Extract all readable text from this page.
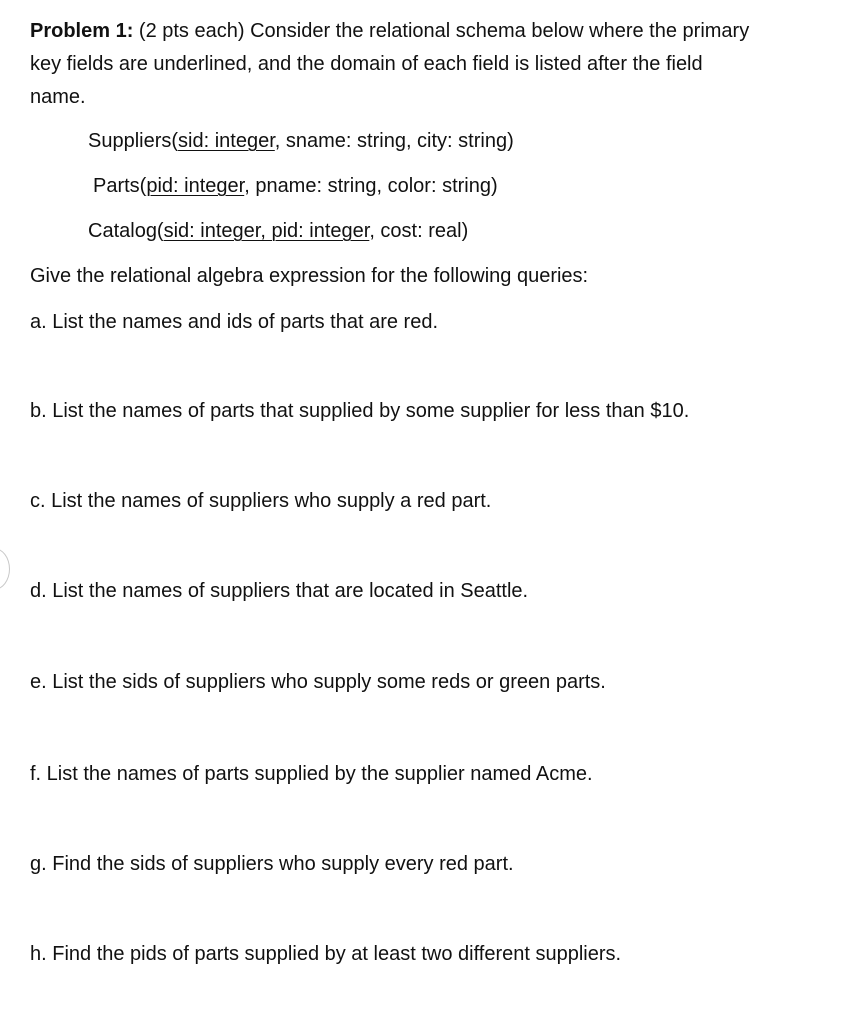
Problem 1: (2 pts each) Consider the relational schema below where the primary
key fields are underlined, and the domain of each field is listed after the field
name.
Suppliers(sid: integer, sname: string, city: string)
Parts(pid: integer, pname: string, color: string)
Catalog(sid: integer, pid: integer, cost: real)
Give the relational algebra expression for the following queries:
a. List the names and ids of parts that are red.
b. List the names of parts that supplied by some supplier for less than $10.
c. List the names of suppliers who supply a red part.
d. List the names of suppliers that are located in Seattle.
e. List the sids of suppliers who supply some reds or green parts.
f. List the names of parts supplied by the supplier named Acme.
g. Find the sids of suppliers who supply every red part.
h. Find the pids of parts supplied by at least two different suppliers.
